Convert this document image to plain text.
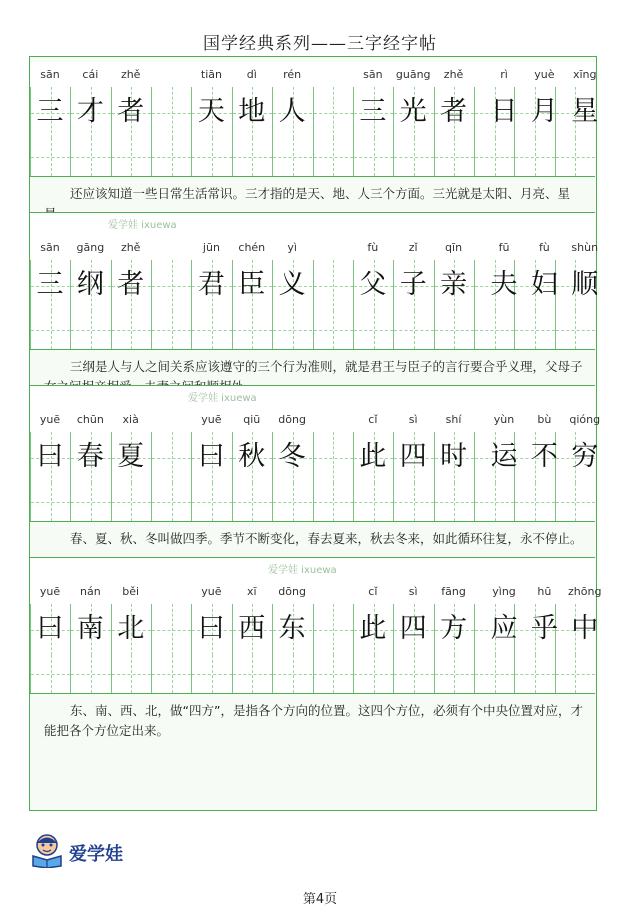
国学经典系列——三字经字帖
sān	cái	zhě	tiān	dì	rén	sān	guāng	zhě	rì	yuè	xīng
三 才 者 天 地 人 三 光 者 日 月 星
还应该知道一些日常生活常识。三才指的是天、地、人三个方面。三光就是太阳、月亮、星
爱学娃 ixuewa
sān	gāng	zhě	jūn	chén	yì	fù	zǐ	qīn	fū	fù	shùn
三 纲 者 君 臣 义 父 子 亲 夫 妇 顺
三纲是人与人之间关系应该遵守的三个行为准则，就是君王与臣子的言行要合乎义理，父母子
爱学娃 ixuewa
yuē	chūn	xià	yuē	qiū	dōng	cǐ	sì	shí	yùn	bù	qióng
曰 春 夏 曰 秋 冬 此 四 时 运 不 穷
春、夏、秋、冬叫做四季。季节不断变化，春去夏来，秋去冬来，如此循环往复，永不停止。
爱学娃 ixuewa
yuē	nán	běi	yuē	xī	dōng	cǐ	sì	fāng	yìng	hū	zhōng
曰 南 北 曰 西 东 此 四 方 应 乎 中
东、南、西、北，做“四方”，是指各个方向的位置。这四个方位，必须有个中央位置对应，才能把各个方位定出来。
爱学娃
第4页
